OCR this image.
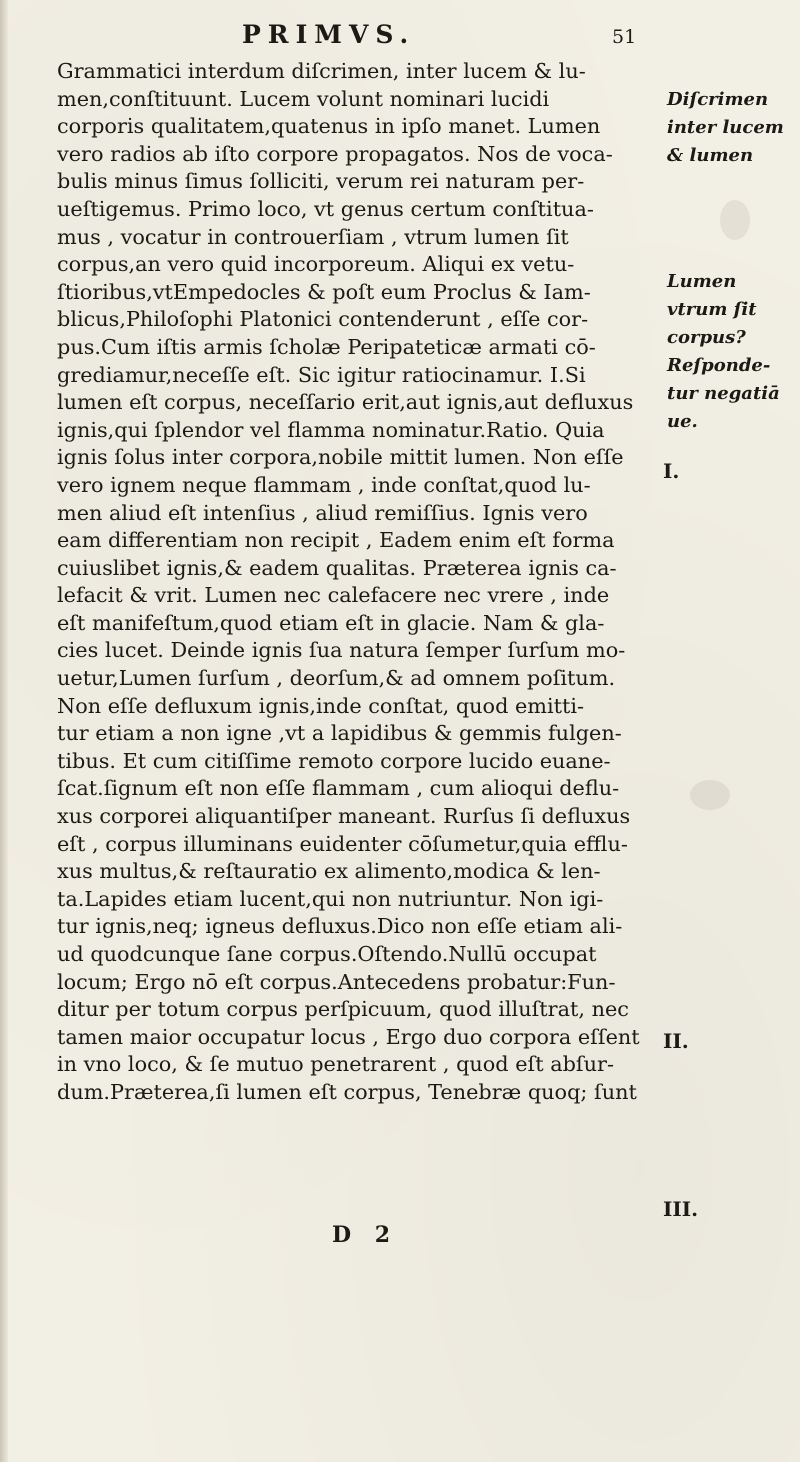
PRIMVS.	51
Grammatici interdum diſcrimen, inter lucem & lu-
men,conſtituunt. Lucem volunt nominari lucidi
corporis qualitatem,quatenus in ipſo manet. Lumen
vero radios ab iſto corpore propagatos. Nos de voca-
bulis minus ſimus ſolliciti, verum rei naturam per-
ueſtigemus. Primo loco, vt genus certum conſtitua-
mus , vocatur in controuerſiam , vtrum lumen ſit
corpus,an vero quid incorporeum. Aliqui ex vetu-
ſtioribus,vtEmpedocles & poſt eum Proclus & Iam-
blicus,Philoſophi Platonici contenderunt , eſſe cor-
pus.Cum iſtis armis ſcholæ Peripateticæ armati cō-
grediamur,neceſſe eſt. Sic igitur ratiocinamur. I.Si
lumen eſt corpus, neceſſario erit,aut ignis,aut defluxus
ignis,qui ſplendor vel flamma nominatur.Ratio. Quia
ignis ſolus inter corpora,nobile mittit lumen. Non eſſe
vero ignem neque flammam , inde conſtat,quod lu-
men aliud eſt intenſius , aliud remiſſius. Ignis vero
eam differentiam non recipit , Eadem enim eſt forma
cuiuslibet ignis,& eadem qualitas. Præterea ignis ca-
lefacit & vrit. Lumen nec calefacere nec vrere , inde
eſt manifeſtum,quod etiam eſt in glacie. Nam & gla-
cies lucet. Deinde ignis ſua natura ſemper ſurſum mo-
uetur,Lumen ſurſum , deorſum,& ad omnem poſitum.
Non eſſe defluxum ignis,inde conſtat, quod emitti-
tur etiam a non igne ,vt a lapidibus & gemmis fulgen-
tibus. Et cum citiſſime remoto corpore lucido euane-
ſcat.ſignum eſt non eſſe flammam , cum alioqui deflu-
xus corporei aliquantiſper maneant. Rurſus ſi defluxus
eſt , corpus illuminans euidenter cōſumetur,quia efflu-
xus multus,& reſtauratio ex alimento,modica & len-
ta.Lapides etiam lucent,qui non nutriuntur. Non igi-
tur ignis,neq; igneus defluxus.Dico non eſſe etiam ali-
ud quodcunque ſane corpus.Oſtendo.Nullū occupat
locum; Ergo nō eſt corpus.Antecedens probatur:Fun-
ditur per totum corpus perſpicuum, quod illuſtrat, nec
tamen maior occupatur locus , Ergo duo corpora eſſent
in vno loco, & ſe mutuo penetrarent , quod eſt abſur-
dum.Præterea,ſi lumen eſt corpus, Tenebræ quoq; ſunt
Diſcrimen
inter lucem
& lumen
Lumen
vtrum ſit
corpus?
Reſponde-
tur negatiā
ue.
I.
II.
III.
D 2
